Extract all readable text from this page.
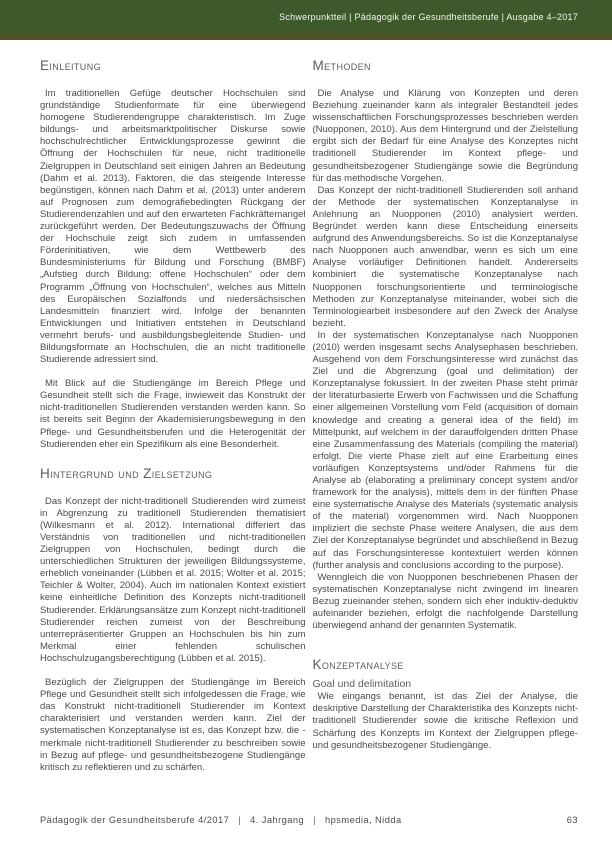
Schwerpunktteil | Pädagogik der Gesundheitsberufe | Ausgabe 4–2017
Einleitung

Im traditionellen Gefüge deutscher Hochschulen sind grundständige Studienformate für eine überwiegend homogene Studierendengruppe charakteristisch. Im Zuge bildungs- und arbeitsmarktpolitischer Diskurse sowie hochschulrechtlicher Entwicklungsprozesse gewinnt die Öffnung der Hochschulen für neue, nicht traditionelle Zielgruppen in Deutschland seit einigen Jahren an Bedeutung (Dahm et al. 2013). Faktoren, die das steigende Interesse begünstigen, können nach Dahm et al. (2013) unter anderem auf Prognosen zum demografiebedingten Rückgang der Studierendenzahlen und auf den erwarteten Fachkräftemangel zurückgeführt werden. Der Bedeutungszuwachs der Öffnung der Hochschule zeigt sich zudem in umfassenden Förderinitiativen, wie dem Wettbewerb des Bundesministeriums für Bildung und Forschung (BMBF) „Aufstieg durch Bildung: offene Hochschulen“ oder dem Programm „Öffnung von Hochschulen“, welches aus Mitteln des Europäischen Sozialfonds und niedersächsischen Landesmitteln finanziert wird. Infolge der benannten Entwicklungen und Initiativen entstehen in Deutschland vermehrt berufs- und ausbildungsbegleitende Studien- und Bildungsformate an Hochschulen, die an nicht traditionelle Studierende adressiert sind.

Mit Blick auf die Studiengänge im Bereich Pflege und Gesundheit stellt sich die Frage, inwieweit das Konstrukt der nicht-traditionellen Studierenden verstanden werden kann. So ist bereits seit Beginn der Akademisierungsbewegung in den Pflege- und Gesundheitsberufen und die Heterogenität der Studierenden eher ein Spezifikum als eine Besonderheit.

Hintergrund und Zielsetzung

Das Konzept der nicht-traditionell Studierenden wird zumeist in Abgrenzung zu traditionell Studierenden thematisiert (Wilkesmann et al. 2012). International differiert das Verständnis von traditionellen und nicht-traditionellen Zielgruppen von Hochschulen, bedingt durch die unterschiedlichen Strukturen der jeweiligen Bildungssysteme, erheblich voneinander (Lübben et al. 2015; Wolter et al. 2015; Teichler & Wolter, 2004). Auch im nationalen Kontext existiert keine einheitliche Definition des Konzepts nicht-traditionell Studierender. Erklärungsansätze zum Konzept nicht-traditionell Studierender reichen zumeist von der Beschreibung unterrepräsentierter Gruppen an Hochschulen bis hin zum Merkmal einer fehlenden schulischen Hochschulzugangsberechtigung (Lübben et al. 2015).

Bezüglich der Zielgruppen der Studiengänge im Bereich Pflege und Gesundheit stellt sich infolgedessen die Frage, wie das Konstrukt nicht-traditionell Studierender im Kontext charakterisiert und verstanden werden kann. Ziel der systematischen Konzeptanalyse ist es, das Konzept bzw. die -merkmale nicht-traditionell Studierender zu beschreiben sowie in Bezug auf pflege- und gesundheitsbezogene Studiengänge kritisch zu reflektieren und zu schärfen.

Methoden

Die Analyse und Klärung von Konzepten und deren Beziehung zueinander kann als integraler Bestandteil jedes wissenschaftlichen Forschungsprozesses beschrieben werden (Nuopponen, 2010). Aus dem Hintergrund und der Zielstellung ergibt sich der Bedarf für eine Analyse des Konzeptes nicht traditionell Studierender im Kontext pflege- und gesundheitsbezogener Studiengänge sowie die Begründung für das methodische Vorgehen.

Das Konzept der nicht-traditionell Studierenden soll anhand der Methode der systematischen Konzeptanalyse in Anlehnung an Nuopponen (2010) analysiert werden. Begründet werden kann diese Entscheidung einerseits aufgrund des Anwendungsbereichs. So ist die Konzeptanalyse nach Nuopponen auch anwendbar, wenn es sich um eine Analyse vorläufiger Definitionen handelt. Andererseits kombiniert die systematische Konzeptanalyse nach Nuopponen forschungsorientierte und terminologische Methoden zur Konzeptanalyse miteinander, wobei sich die Terminologiearbeit insbesondere auf den Zweck der Analyse bezieht.

In der systematischen Konzeptanalyse nach Nuopponen (2010) werden insgesamt sechs Analysephasen beschrieben. Ausgehend von dem Forschungsinteresse wird zunächst das Ziel und die Abgrenzung (goal und delimitation) der Konzeptanalyse fokussiert. In der zweiten Phase steht primär der literaturbasierte Erwerb von Fachwissen und die Schaffung einer allgemeinen Vorstellung vom Feld (acquisition of domain knowledge and creating a general idea of the field) im Mittelpunkt, auf welchem in der darauffolgenden dritten Phase eine Zusammenfassung des Materials (compiling the material) erfolgt. Die vierte Phase zielt auf eine Erarbeitung eines vorläufigen Konzeptsystems und/oder Rahmens für die Analyse ab (elaborating a preliminary concept system and/or framework for the analysis), mittels dem in der fünften Phase eine systematische Analyse des Materials (systematic analysis of the material) vorgenommen wird. Nach Nuopponen impliziert die sechste Phase weitere Analysen, die aus dem Ziel der Konzeptanalyse begründet und abschließend in Bezug auf das Forschungsinteresse kontextuiert werden können (further analysis and conclusions according to the purpose).

Wenngleich die von Nuopponen beschriebenen Phasen der systematischen Konzeptanalyse nicht zwingend im linearen Bezug zueinander stehen, sondern sich eher induktiv-deduktiv aufeinander beziehen, erfolgt die nachfolgende Darstellung überwiegend anhand der genannten Systematik.

Konzeptanalyse
Goal und delimitation

Wie eingangs benannt, ist das Ziel der Analyse, die deskriptive Darstellung der Charakteristika des Konzepts nicht-traditionell Studierender sowie die kritische Reflexion und Schärfung des Konzepts im Kontext der Zielgruppen pflege- und gesundheitsbezogener Studiengänge.

Pädagogik der Gesundheitsberufe 4/2017 | 4. Jahrgang | hpsmedia, Nidda	63
